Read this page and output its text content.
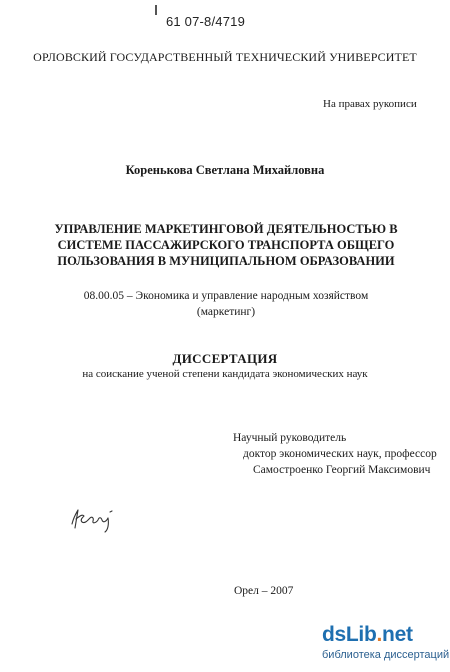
61 07-8/4719
ОРЛОВСКИЙ ГОСУДАРСТВЕННЫЙ ТЕХНИЧЕСКИЙ УНИВЕРСИТЕТ
На правах рукописи
Коренькова Светлана Михайловна
УПРАВЛЕНИЕ МАРКЕТИНГОВОЙ ДЕЯТЕЛЬНОСТЬЮ В СИСТЕМЕ ПАССАЖИРСКОГО ТРАНСПОРТА ОБЩЕГО ПОЛЬЗОВАНИЯ В МУНИЦИПАЛЬНОМ ОБРАЗОВАНИИ
08.00.05 – Экономика и управление народным хозяйством
(маркетинг)
ДИССЕРТАЦИЯ
на соискание ученой степени кандидата экономических наук
Научный руководитель
доктор экономических наук, профессор
Самостроенко Георгий Максимович
Орел – 2007
dsLib.net
библиотека диссертаций
